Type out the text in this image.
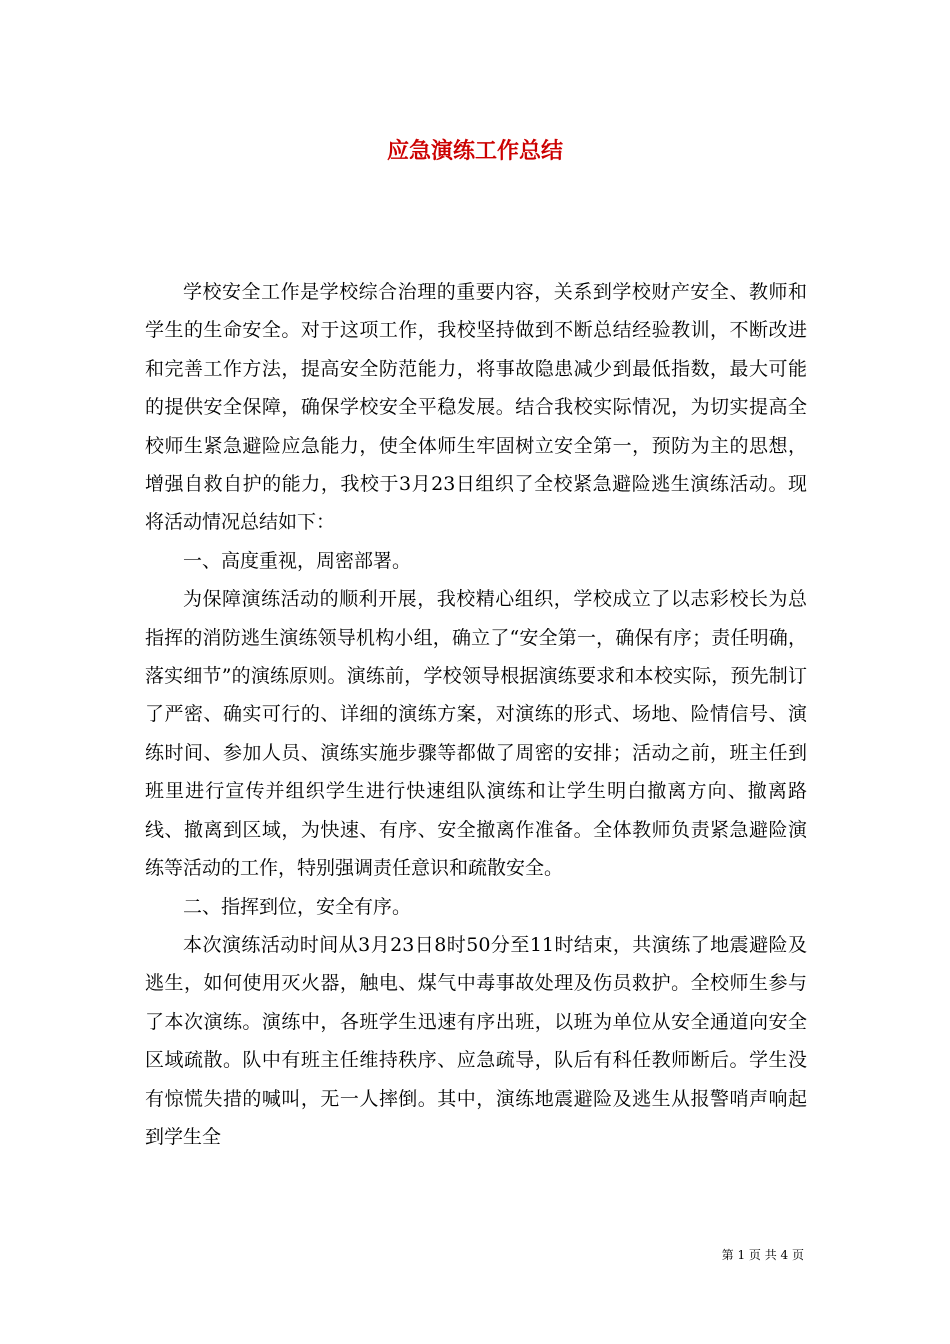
应急演练工作总结

学校安全工作是学校综合治理的重要内容，关系到学校财产安全、教师和学生的生命安全。对于这项工作，我校坚持做到不断总结经验教训，不断改进和完善工作方法，提高安全防范能力，将事故隐患减少到最低指数，最大可能的提供安全保障，确保学校安全平稳发展。结合我校实际情况，为切实提高全校师生紧急避险应急能力，使全体师生牢固树立安全第一，预防为主的思想，增强自救自护的能力，我校于3月23日组织了全校紧急避险逃生演练活动。现将活动情况总结如下：

一、高度重视，周密部署。

为保障演练活动的顺利开展，我校精心组织，学校成立了以志彩校长为总指挥的消防逃生演练领导机构小组，确立了“安全第一，确保有序；责任明确，落实细节”的演练原则。演练前，学校领导根据演练要求和本校实际，预先制订了严密、确实可行的、详细的演练方案，对演练的形式、场地、险情信号、演练时间、参加人员、演练实施步骤等都做了周密的安排；活动之前，班主任到班里进行宣传并组织学生进行快速组队演练和让学生明白撤离方向、撤离路线、撤离到区域，为快速、有序、安全撤离作准备。全体教师负责紧急避险演练等活动的工作，特别强调责任意识和疏散安全。

二、指挥到位，安全有序。

本次演练活动时间从3月23日8时50分至11时结束，共演练了地震避险及逃生，如何使用灭火器，触电、煤气中毒事故处理及伤员救护。全校师生参与了本次演练。演练中，各班学生迅速有序出班，以班为单位从安全通道向安全区域疏散。队中有班主任维持秩序、应急疏导，队后有科任教师断后。学生没有惊慌失措的喊叫，无一人摔倒。其中，演练地震避险及逃生从报警哨声响起到学生全

第 1 页 共 4 页
